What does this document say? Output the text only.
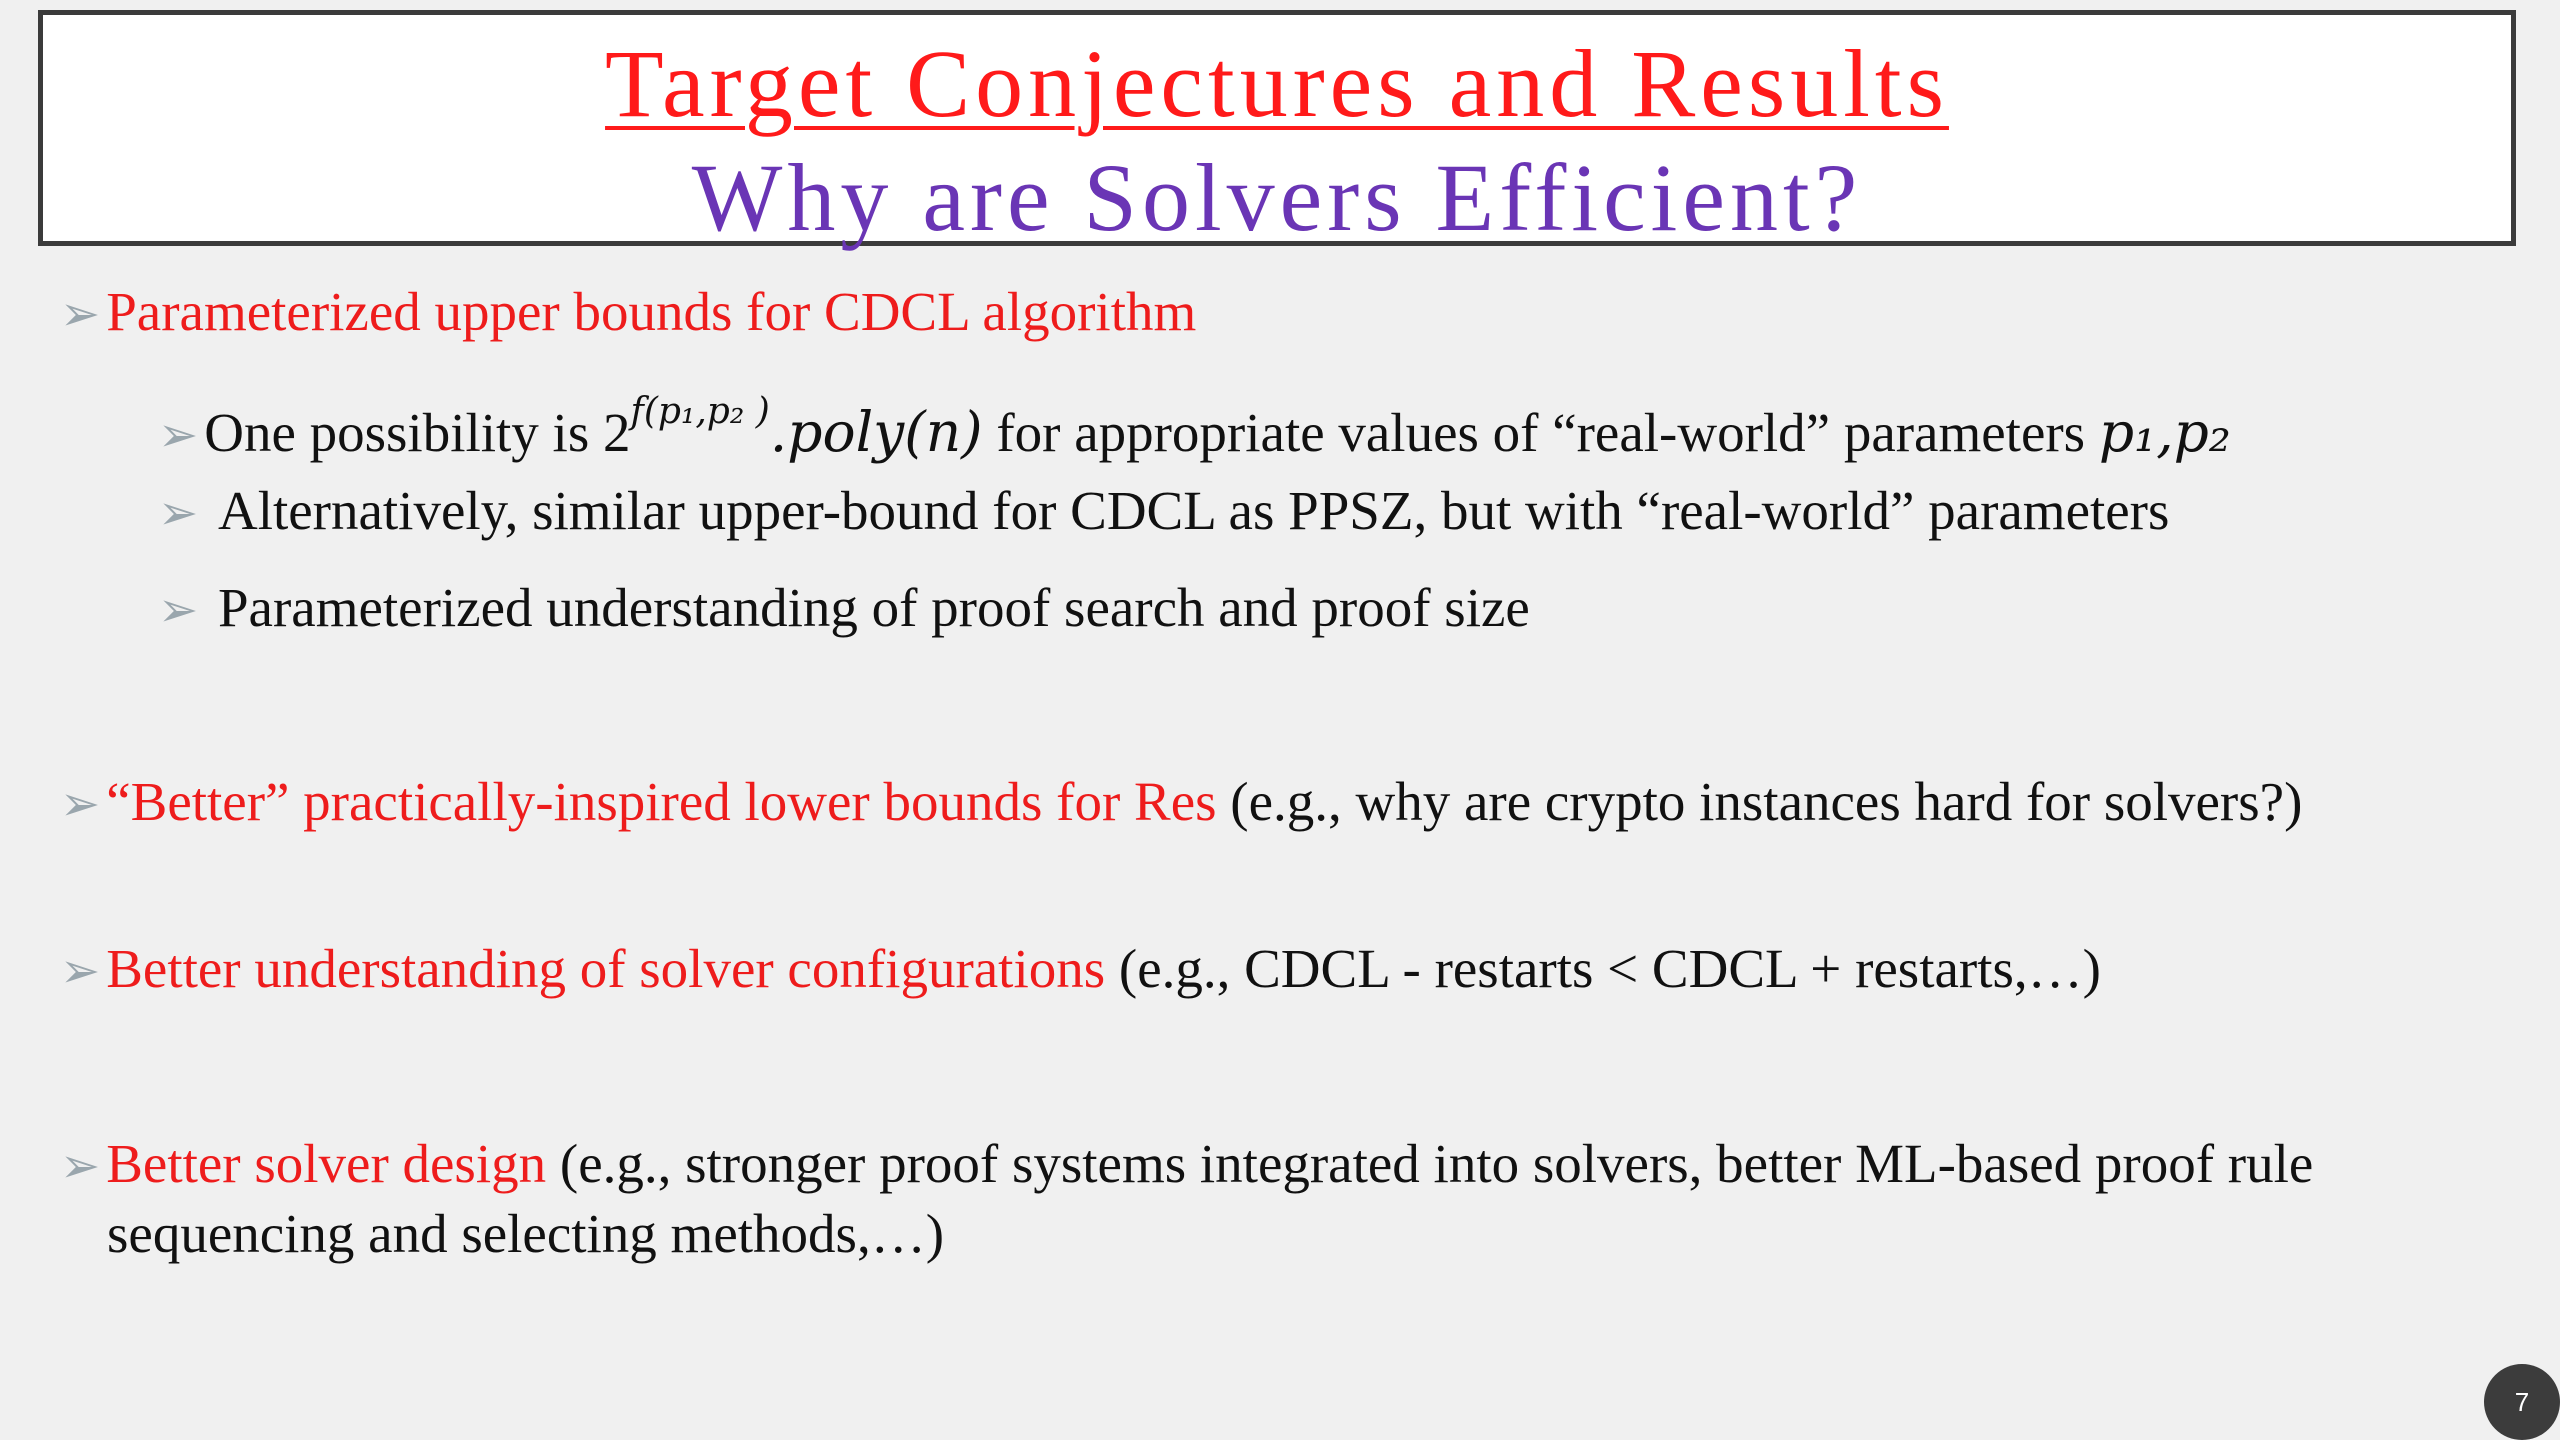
Target Conjectures and Results
Why are Solvers Efficient?
➢ Parameterized upper bounds for CDCL algorithm
➢ One possibility is $2^{f(p_1,p_2 )}.poly(n)$ for appropriate values of “real-world” parameters p₁,p₂
➢ Alternatively, similar upper-bound for CDCL as PPSZ, but with “real-world” parameters
➢ Parameterized understanding of proof search and proof size
➢ “Better” practically-inspired lower bounds for Res (e.g., why are crypto instances hard for solvers?)
➢ Better understanding of solver configurations (e.g., CDCL - restarts < CDCL + restarts,…)
➢ Better solver design (e.g., stronger proof systems integrated into solvers, better ML-based proof rule
sequencing and selecting methods,…)
7
